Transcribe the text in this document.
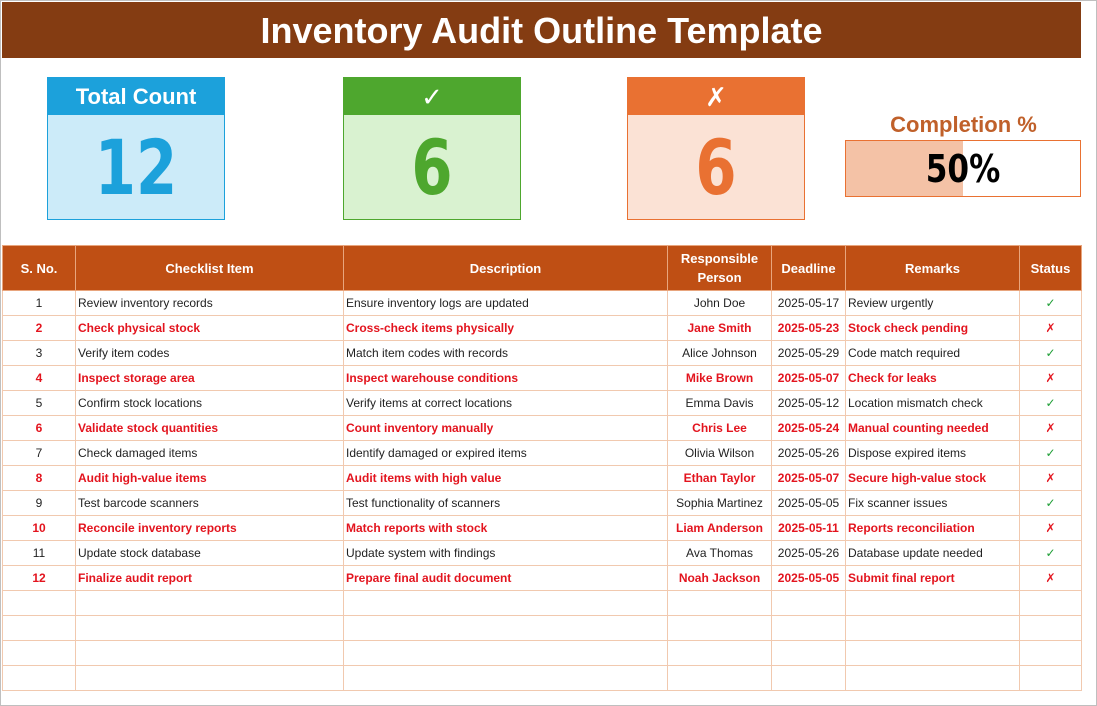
Inventory Audit Outline Template
Total Count
12
✓
6
✗
6	Completion %
50%
S. No.	Checklist Item	Description	Responsible Person	Deadline	Remarks	Status
1	Review inventory records	Ensure inventory logs are updated	John Doe	2025-05-17	Review urgently	✓
2	Check physical stock	Cross-check items physically	Jane Smith	2025-05-23	Stock check pending	✗
3	Verify item codes	Match item codes with records	Alice Johnson	2025-05-29	Code match required	✓
4	Inspect storage area	Inspect warehouse conditions	Mike Brown	2025-05-07	Check for leaks	✗
5	Confirm stock locations	Verify items at correct locations	Emma Davis	2025-05-12	Location mismatch check	✓
6	Validate stock quantities	Count inventory manually	Chris Lee	2025-05-24	Manual counting needed	✗
7	Check damaged items	Identify damaged or expired items	Olivia Wilson	2025-05-26	Dispose expired items	✓
8	Audit high-value items	Audit items with high value	Ethan Taylor	2025-05-07	Secure high-value stock	✗
9	Test barcode scanners	Test functionality of scanners	Sophia Martinez	2025-05-05	Fix scanner issues	✓
10	Reconcile inventory reports	Match reports with stock	Liam Anderson	2025-05-11	Reports reconciliation	✗
11	Update stock database	Update system with findings	Ava Thomas	2025-05-26	Database update needed	✓
12	Finalize audit report	Prepare final audit document	Noah Jackson	2025-05-05	Submit final report	✗
